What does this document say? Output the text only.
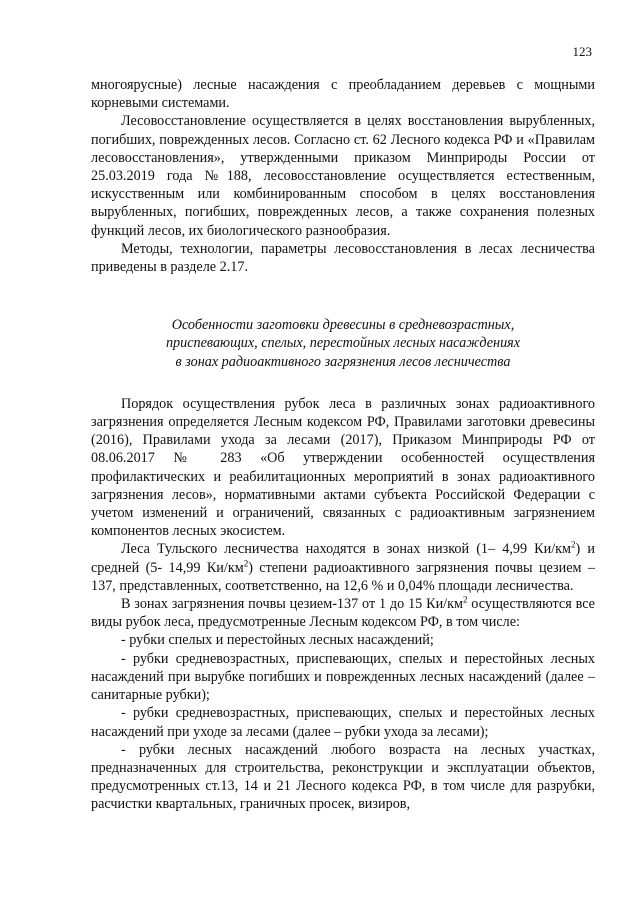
123

многоярусные) лесные насаждения с преобладанием деревьев с мощными корневыми системами.

Лесовосстановление осуществляется в целях восстановления вырубленных, погибших, поврежденных лесов. Согласно ст. 62 Лесного кодекса РФ и «Правилам лесовосстановления», утвержденными приказом Минприроды России от 25.03.2019 года №188, лесовосстановление осуществляется естественным, искусственным или комбинированным способом в целях восстановления вырубленных, погибших, поврежденных лесов, а также сохранения полезных функций лесов, их биологического разнообразия.

Методы, технологии, параметры лесовосстановления в лесах лесничества приведены в разделе 2.17.

Особенности заготовки древесины в средневозрастных,
приспевающих, спелых, перестойных лесных насаждениях
в зонах радиоактивного загрязнения лесов лесничества

Порядок осуществления рубок леса в различных зонах радиоактивного загрязнения определяется Лесным кодексом РФ, Правилами заготовки древесины (2016), Правилами ухода за лесами (2017), Приказом Минприроды РФ от 08.06.2017 № 283 «Об утверждении особенностей осуществления профилактических и реабилитационных мероприятий в зонах радиоактивного загрязнения лесов», нормативными актами субъекта Российской Федерации с учетом изменений и ограничений, связанных с радиоактивным загрязнением компонентов лесных экосистем.

Леса Тульского лесничества находятся в зонах низкой (1– 4,99 $Ки/км^2$) и средней (5- 14,99 $Ки/км^2$) степени радиоактивного загрязнения почвы цезием – 137, представленных, соответственно, на 12,6 % и 0,04% площади лесничества.

В зонах загрязнения почвы цезием-137 от 1 до 15 $Ки/км^2$ осуществляются все виды рубок леса, предусмотренные Лесным кодексом РФ, в том числе:

- рубки спелых и перестойных лесных насаждений;

- рубки средневозрастных, приспевающих, спелых и перестойных лесных насаждений при вырубке погибших и поврежденных лесных насаждений (далее – санитарные рубки);

- рубки средневозрастных, приспевающих, спелых и перестойных лесных насаждений при уходе за лесами (далее – рубки ухода за лесами);

- рубки лесных насаждений любого возраста на лесных участках, предназначенных для строительства, реконструкции и эксплуатации объектов, предусмотренных ст.13, 14 и 21 Лесного кодекса РФ, в том числе для разрубки, расчистки квартальных, граничных просек, визиров,
